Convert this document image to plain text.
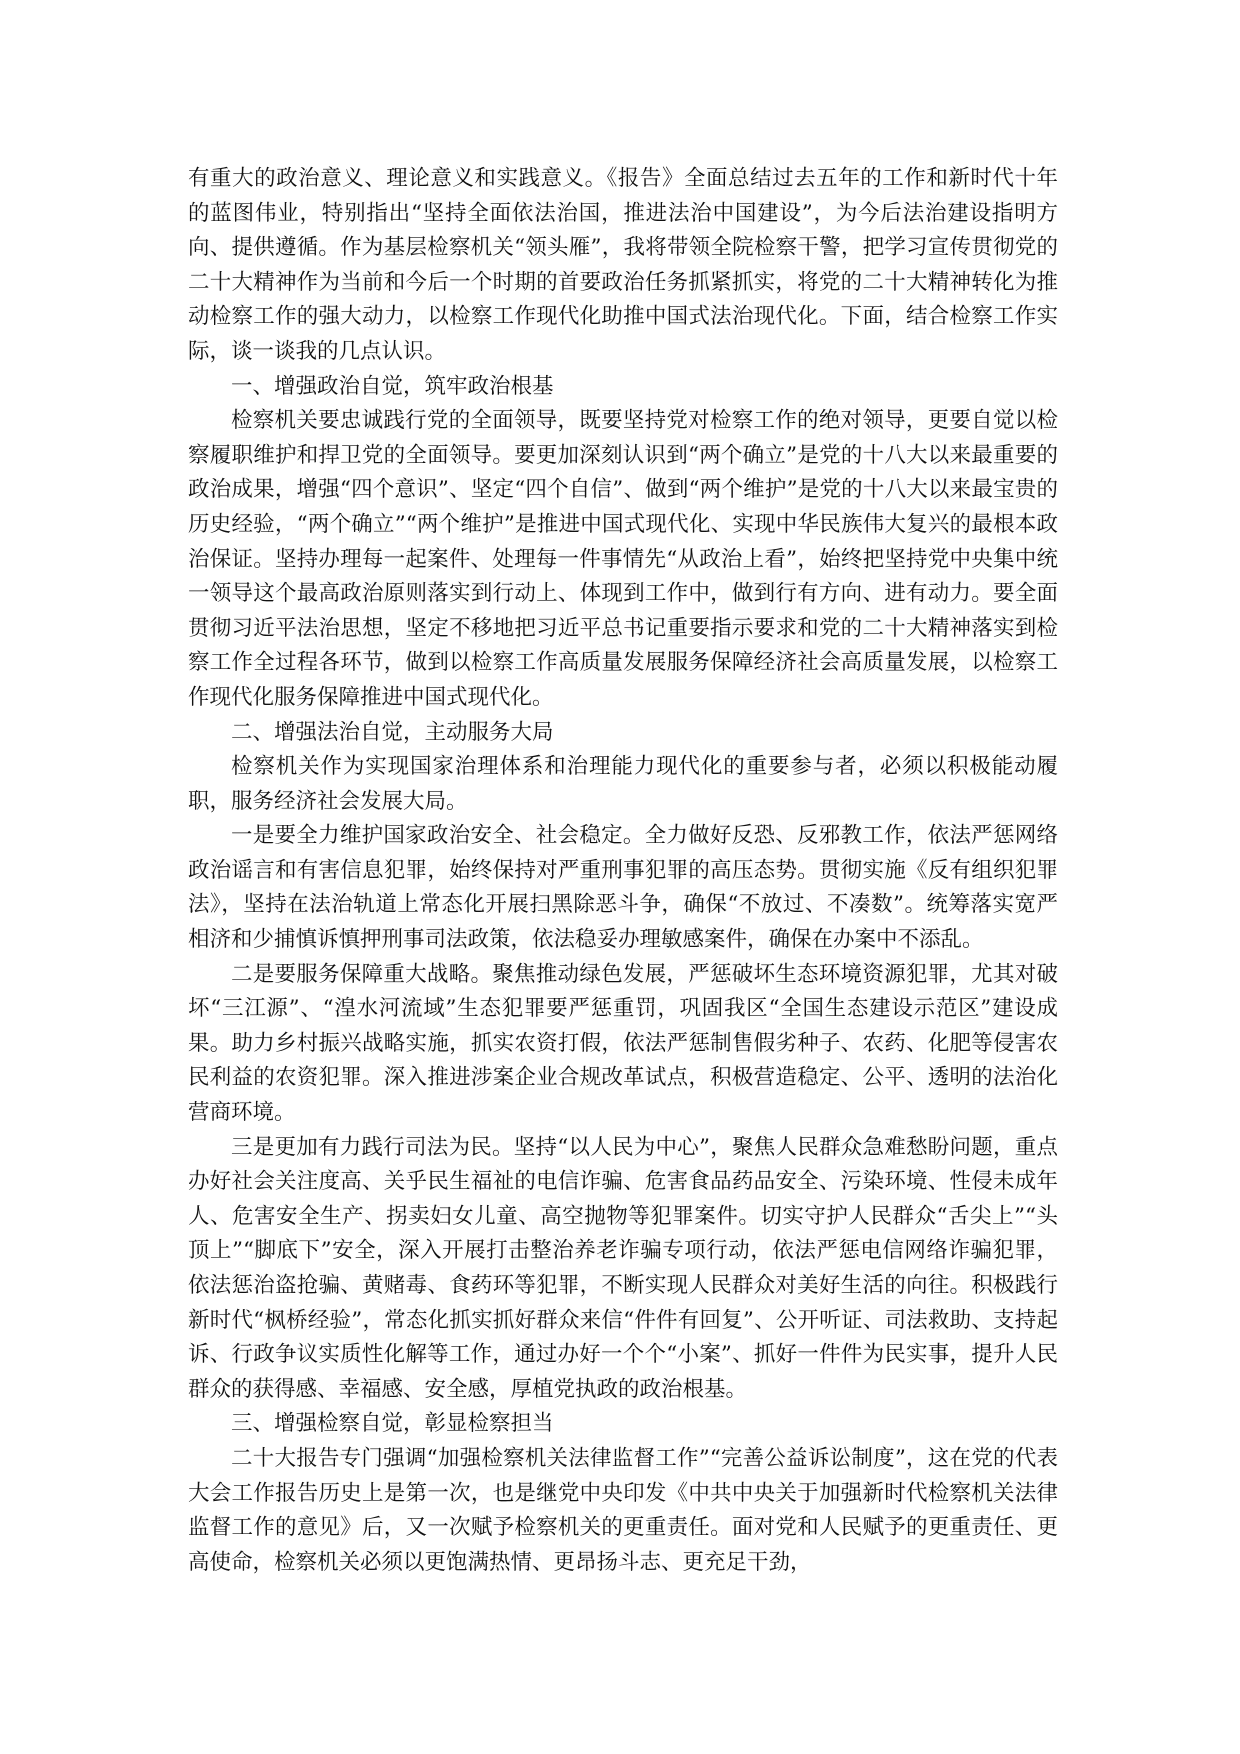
有重大的政治意义、理论意义和实践意义。《报告》全面总结过去五年的工作和新时代十年的蓝图伟业，特别指出“坚持全面依法治国，推进法治中国建设”，为今后法治建设指明方向、提供遵循。作为基层检察机关“领头雁”，我将带领全院检察干警，把学习宣传贯彻党的二十大精神作为当前和今后一个时期的首要政治任务抓紧抓实，将党的二十大精神转化为推动检察工作的强大动力，以检察工作现代化助推中国式法治现代化。下面，结合检察工作实际，谈一谈我的几点认识。

一、增强政治自觉，筑牢政治根基

检察机关要忠诚践行党的全面领导，既要坚持党对检察工作的绝对领导，更要自觉以检察履职维护和捍卫党的全面领导。要更加深刻认识到“两个确立”是党的十八大以来最重要的政治成果，增强“四个意识”、坚定“四个自信”、做到“两个维护”是党的十八大以来最宝贵的历史经验，“两个确立”“两个维护”是推进中国式现代化、实现中华民族伟大复兴的最根本政治保证。坚持办理每一起案件、处理每一件事情先“从政治上看”，始终把坚持党中央集中统一领导这个最高政治原则落实到行动上、体现到工作中，做到行有方向、进有动力。要全面贯彻习近平法治思想，坚定不移地把习近平总书记重要指示要求和党的二十大精神落实到检察工作全过程各环节，做到以检察工作高质量发展服务保障经济社会高质量发展，以检察工作现代化服务保障推进中国式现代化。

二、增强法治自觉，主动服务大局

检察机关作为实现国家治理体系和治理能力现代化的重要参与者，必须以积极能动履职，服务经济社会发展大局。

一是要全力维护国家政治安全、社会稳定。全力做好反恐、反邪教工作，依法严惩网络政治谣言和有害信息犯罪，始终保持对严重刑事犯罪的高压态势。贯彻实施《反有组织犯罪法》，坚持在法治轨道上常态化开展扫黑除恶斗争，确保“不放过、不凑数”。统筹落实宽严相济和少捕慎诉慎押刑事司法政策，依法稳妥办理敏感案件，确保在办案中不添乱。

二是要服务保障重大战略。聚焦推动绿色发展，严惩破坏生态环境资源犯罪，尤其对破坏“三江源”、“湟水河流域”生态犯罪要严惩重罚，巩固我区“全国生态建设示范区”建设成果。助力乡村振兴战略实施，抓实农资打假，依法严惩制售假劣种子、农药、化肥等侵害农民利益的农资犯罪。深入推进涉案企业合规改革试点，积极营造稳定、公平、透明的法治化营商环境。

三是更加有力践行司法为民。坚持“以人民为中心”，聚焦人民群众急难愁盼问题，重点办好社会关注度高、关乎民生福祉的电信诈骗、危害食品药品安全、污染环境、性侵未成年人、危害安全生产、拐卖妇女儿童、高空抛物等犯罪案件。切实守护人民群众“舌尖上”“头顶上”“脚底下”安全，深入开展打击整治养老诈骗专项行动，依法严惩电信网络诈骗犯罪，依法惩治盗抢骗、黄赌毒、食药环等犯罪，不断实现人民群众对美好生活的向往。积极践行新时代“枫桥经验”，常态化抓实抓好群众来信“件件有回复”、公开听证、司法救助、支持起诉、行政争议实质性化解等工作，通过办好一个个“小案”、抓好一件件为民实事，提升人民群众的获得感、幸福感、安全感，厚植党执政的政治根基。

三、增强检察自觉，彰显检察担当

二十大报告专门强调“加强检察机关法律监督工作”“完善公益诉讼制度”，这在党的代表大会工作报告历史上是第一次，也是继党中央印发《中共中央关于加强新时代检察机关法律监督工作的意见》后，又一次赋予检察机关的更重责任。面对党和人民赋予的更重责任、更高使命，检察机关必须以更饱满热情、更昂扬斗志、更充足干劲，
